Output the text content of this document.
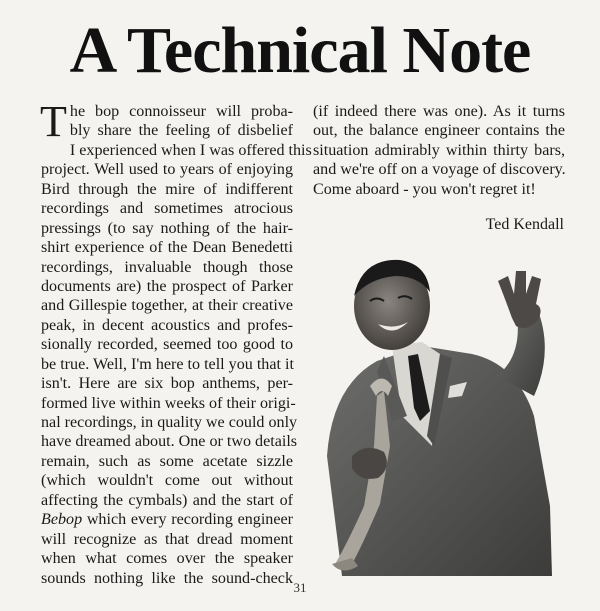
A Technical Note
T he bop connoisseur will proba-
bly share the feeling of disbelief
I experienced when I was offered this
project. Well used to years of enjoying
Bird through the mire of indifferent
recordings and sometimes atrocious
pressings (to say nothing of the hair-
shirt experience of the Dean Benedetti
recordings, invaluable though those
documents are) the prospect of Parker
and Gillespie together, at their creative
peak, in decent acoustics and profes-
sionally recorded, seemed too good to
be true. Well, I'm here to tell you that it
isn't. Here are six bop anthems, per-
formed live within weeks of their origi-
nal recordings, in quality we could only
have dreamed about. One or two details
remain, such as some acetate sizzle
(which wouldn't come out without
affecting the cymbals) and the start of
Bebop which every recording engineer
will recognize as that dread moment
when what comes over the speaker
sounds nothing like the sound-check
(if indeed there was one). As it turns
out, the balance engineer contains the
situation admirably within thirty bars,
and we're off on a voyage of discovery.
Come aboard - you won't regret it!
Ted Kendall
31
